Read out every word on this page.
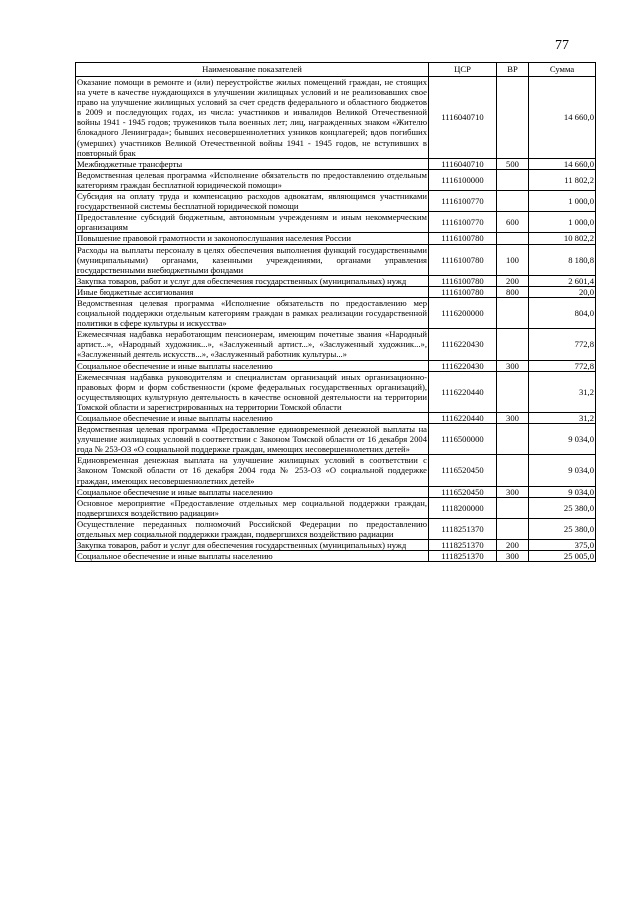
77
Наименование показателей	ЦСР	ВР	Сумма
Оказание помощи в ремонте и (или) переустройстве жилых помещений граждан, не стоящих на учете в качестве нуждающихся в улучшении жилищных условий и не реализовавших свое право на улучшение жилищных условий за счет средств федерального и областного бюджетов в 2009 и последующих годах, из числа: участников и инвалидов Великой Отечественной войны 1941 - 1945 годов; тружеников тыла военных лет; лиц, награжденных знаком «Жителю блокадного Ленинграда»; бывших несовершеннолетних узников концлагерей; вдов погибших (умерших) участников Великой Отечественной войны 1941 - 1945 годов, не вступивших в повторный брак	1116040710		14 660,0
Межбюджетные трансферты	1116040710	500	14 660,0
Ведомственная целевая программа «Исполнение обязательств по предоставлению отдельным категориям граждан бесплатной юридической помощи»	1116100000		11 802,2
Субсидия на оплату труда и компенсацию расходов адвокатам, являющимся участниками государственной системы бесплатной юридической помощи	1116100770		1 000,0
Предоставление субсидий бюджетным, автономным учреждениям и иным некоммерческим организациям	1116100770	600	1 000,0
Повышение правовой грамотности и законопослушания населения России	1116100780		10 802,2
Расходы на выплаты персоналу в целях обеспечения выполнения функций государственными (муниципальными) органами, казенными учреждениями, органами управления государственными внебюджетными фондами	1116100780	100	8 180,8
Закупка товаров, работ и услуг для обеспечения государственных (муниципальных) нужд	1116100780	200	2 601,4
Иные бюджетные ассигнования	1116100780	800	20,0
Ведомственная целевая программа «Исполнение обязательств по предоставлению мер социальной поддержки отдельным категориям граждан в рамках реализации государственной политики в сфере культуры и искусства»	1116200000		804,0
Ежемесячная надбавка неработающим пенсионерам, имеющим почетные звания «Народный артист...», «Народный художник...», «Заслуженный артист...», «Заслуженный художник...», «Заслуженный деятель искусств...», «Заслуженный работник культуры...»	1116220430		772,8
Социальное обеспечение и иные выплаты населению	1116220430	300	772,8
Ежемесячная надбавка руководителям и специалистам организаций иных организационно-правовых форм и форм собственности (кроме федеральных государственных организаций), осуществляющих культурную деятельность в качестве основной деятельности на территории Томской области и зарегистрированных на территории Томской области	1116220440		31,2
Социальное обеспечение и иные выплаты населению	1116220440	300	31,2
Ведомственная целевая программа «Предоставление единовременной денежной выплаты на улучшение жилищных условий в соответствии с Законом Томской области от 16 декабря 2004 года № 253-ОЗ «О социальной поддержке граждан, имеющих несовершеннолетних детей»	1116500000		9 034,0
Единовременная денежная выплата на улучшение жилищных условий в соответствии с Законом Томской области от 16 декабря 2004 года № 253-ОЗ «О социальной поддержке граждан, имеющих несовершеннолетних детей»	1116520450		9 034,0
Социальное обеспечение и иные выплаты населению	1116520450	300	9 034,0
Основное мероприятие «Предоставление отдельных мер социальной поддержки граждан, подвергшихся воздействию радиации»	1118200000		25 380,0
Осуществление переданных полномочий Российской Федерации по предоставлению отдельных мер социальной поддержки граждан, подвергшихся воздействию радиации	1118251370		25 380,0
Закупка товаров, работ и услуг для обеспечения государственных (муниципальных) нужд	1118251370	200	375,0
Социальное обеспечение и иные выплаты населению	1118251370	300	25 005,0
